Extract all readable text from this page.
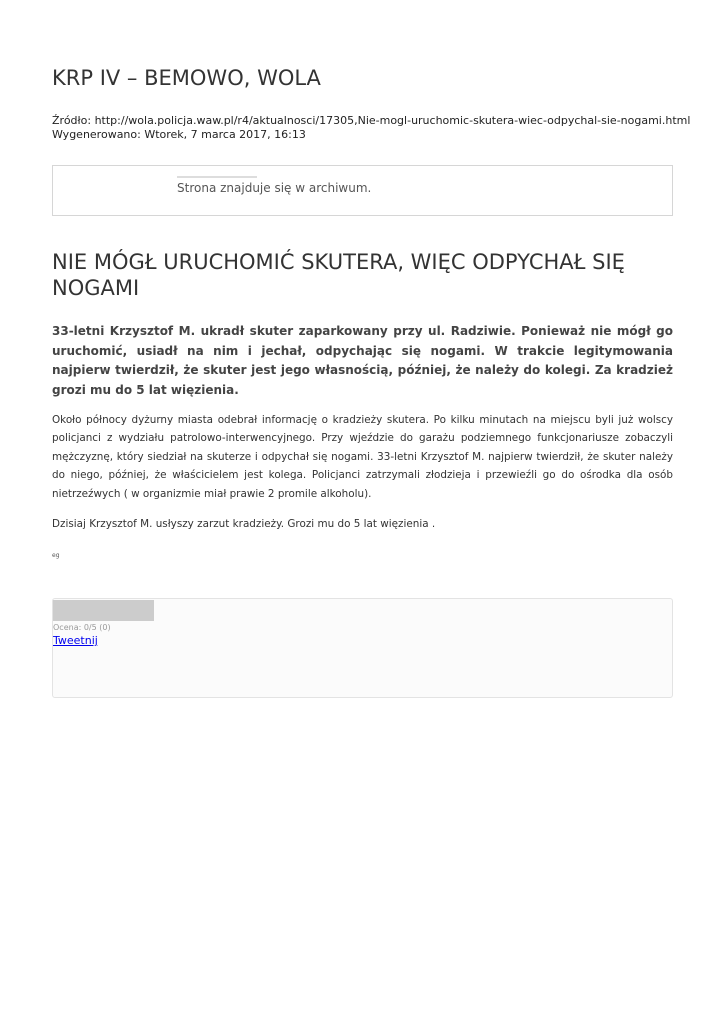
KRP IV – BEMOWO, WOLA
Źródło: http://wola.policja.waw.pl/r4/aktualnosci/17305,Nie-mogl-uruchomic-skutera-wiec-odpychal-sie-nogami.html
Wygenerowano: Wtorek, 7 marca 2017, 16:13
Strona znajduje się w archiwum.
NIE MÓGŁ URUCHOMIĆ SKUTERA, WIĘC ODPYCHAŁ SIĘ NOGAMI

33-letni Krzysztof M. ukradł skuter zaparkowany przy ul. Radziwie. Ponieważ nie mógł go uruchomić, usiadł na nim i jechał, odpychając się nogami. W trakcie legitymowania najpierw twierdził, że skuter jest jego własnością, później, że należy do kolegi. Za kradzież grozi mu do 5 lat więzienia.

Około północy dyżurny miasta odebrał informację o kradzieży skutera. Po kilku minutach na miejscu byli już wolscy policjanci z wydziału patrolowo-interwencyjnego. Przy wjeździe do garażu podziemnego funkcjonariusze zobaczyli mężczyznę, który siedział na skuterze i odpychał się nogami. 33-letni Krzysztof M. najpierw twierdził, że skuter należy do niego, później, że właścicielem jest kolega. Policjanci zatrzymali złodzieja i przewieźli go do ośrodka dla osób nietrzeźwych ( w organizmie miał prawie 2 promile alkoholu).

Dzisiaj Krzysztof M. usłyszy zarzut kradzieży. Grozi mu do 5 lat więzienia .

eg
Ocena: 0/5 (0)
Tweetnij
